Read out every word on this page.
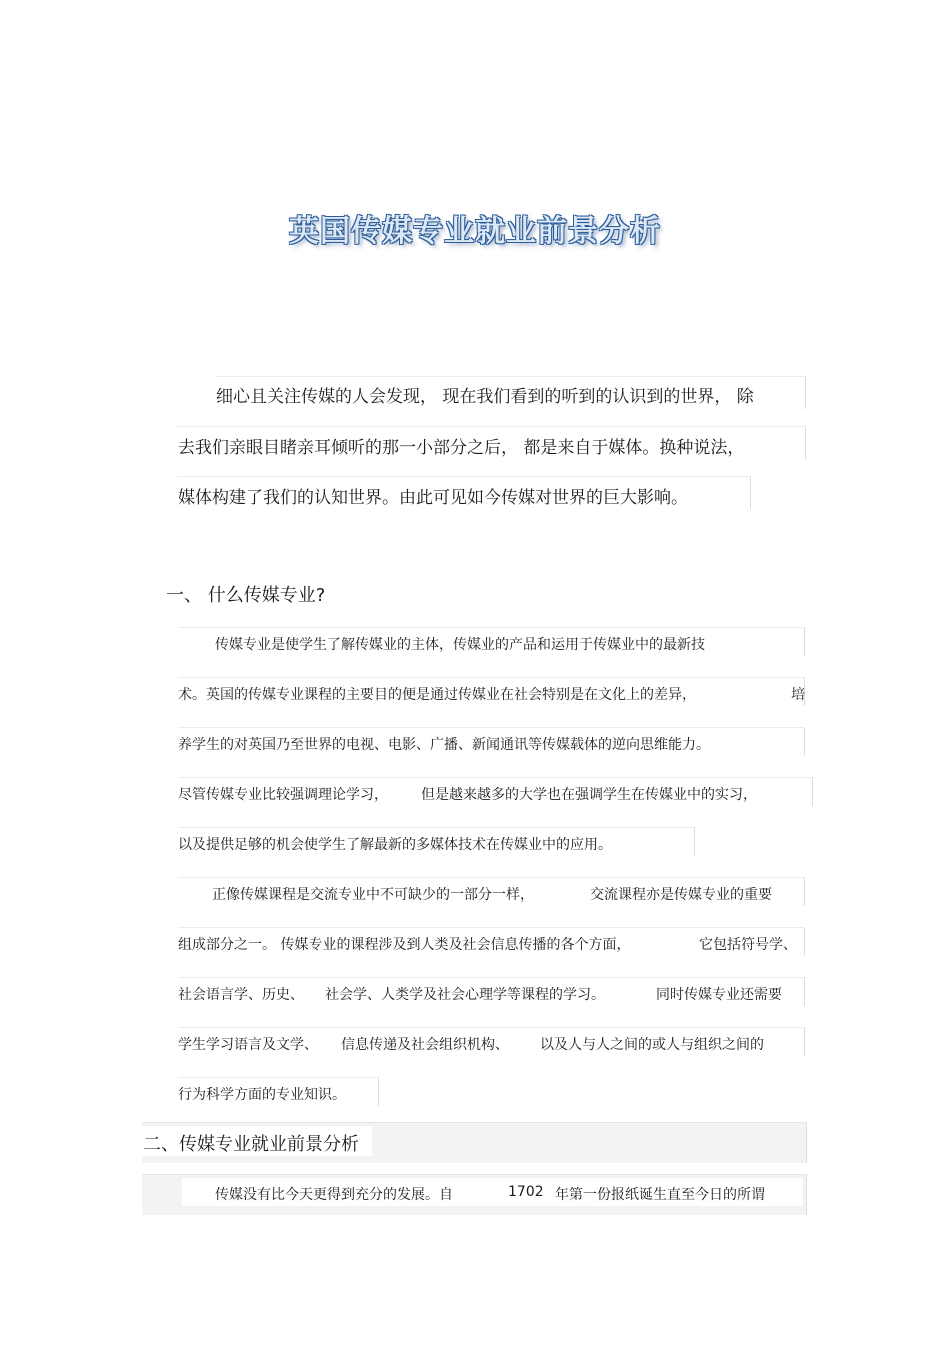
英国传媒专业就业前景分析
细心且关注传媒的人会发现， 现在我们看到的听到的认识到的世界， 除
去我们亲眼目睹亲耳倾听的那一小部分之后， 都是来自于媒体。换种说法，
媒体构建了我们的认知世界。由此可见如今传媒对世界的巨大影响。
一、 什么传媒专业?
传媒专业是使学生了解传媒业的主体，传媒业的产品和运用于传媒业中的最新技
术。英国的传媒专业课程的主要目的便是通过传媒业在社会特别是在文化上的差异，	培
养学生的对英国乃至世界的电视、电影、广播、新闻通讯等传媒载体的逆向思维能力。
尽管传媒专业比较强调理论学习， 但是越来越多的大学也在强调学生在传媒业中的实习，
以及提供足够的机会使学生了解最新的多媒体技术在传媒业中的应用。
正像传媒课程是交流专业中不可缺少的一部分一样，	交流课程亦是传媒专业的重要
组成部分之一。 传媒专业的课程涉及到人类及社会信息传播的各个方面，	它包括符号学、
社会语言学、历史、 社会学、人类学及社会心理学等课程的学习。	同时传媒专业还需要
学生学习语言及文学、 信息传递及社会组织机构、 以及人与人之间的或人与组织之间的
行为科学方面的专业知识。
二、传媒专业就业前景分析
传媒没有比今天更得到充分的发展。自	1702 年第一份报纸诞生直至今日的所谓
